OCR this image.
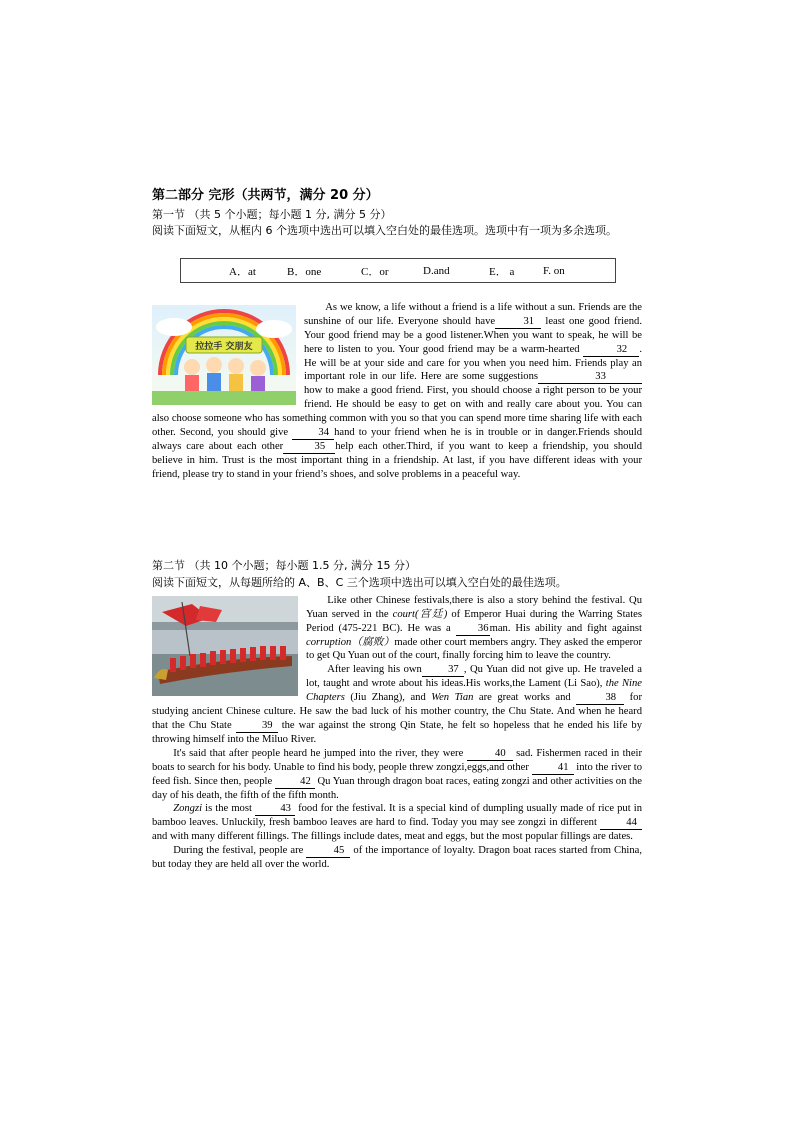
第二部分 完形（共两节，满分 20 分）
第一节 （共 5 个小题；每小题 1 分, 满分 5 分）
阅读下面短文，从框内 6 个选项中选出可以填入空白处的最佳选项。选项中有一项为多余选项。
A．at	B．one	C．or	D.and	E． a	F. on
拉拉手 交朋友

As we know, a life without a friend is a life without a sun. Friends are the sunshine of our life. Everyone should have	31 least one good friend. Your good friend may be a good listener.When you want to speak, he will be here to listen to you. Your good friend may be a warm-hearted	32 . He will be at your side and care for you when you need him. Friends play an important role in our life. Here are some suggestions	33how to make a good friend. First, you should choose a right person to be your friend. He should be easy to get on with and really care about you. You can also choose someone who has something common with you so that you can spend more time sharing life with each other. Second, you should give	34 hand to your friend when he is in trouble or in danger.Friends should always care about each other	35 help each other.Third, if you want to keep a friendship, you should believe in him. Trust is the most important thing in a friendship. At last, if you have different ideas with your friend, please try to stand in your friend’s shoes, and solve problems in a peaceful way.

第二节 （共 10 个小题；每小题 1.5 分, 满分 15 分）
阅读下面短文，从每题所给的 A、B、C 三个选项中选出可以填入空白处的最佳选项。

Like other Chinese festivals,there is also a story behind the festival. Qu Yuan served in the court(宫廷) of Emperor Huai during the Warring States Period (475-221 BC). He was a 36man. His ability and fight against corruption（腐败）made other court members angry. They asked the emperor to get Qu Yuan out of the court, finally forcing him to leave the country.

After leaving his own 37 , Qu Yuan did not give up. He traveled a lot, taught and wrote about his ideas.His works,the Lament (Li Sao), the Nine Chapters (Jiu Zhang), and Wen Tian are great works and	38 for studying ancient Chinese culture. He saw the bad luck of his mother country, the Chu State. And when he heard that the Chu State 39 the war against the strong Qin State, he felt so hopeless that he ended his life by throwing himself into the Miluo River.

It's said that after people heard he jumped into the river, they were	40 sad. Fishermen raced in their boats to search for his body. Unable to find his body, people threw zongzi,eggs,and other 41 into the river to feed fish. Since then, people 42 Qu Yuan through dragon boat races, eating zongzi and other activities on the day of his death, the fifth of the fifth month.

Zongzi is the most 43 food for the festival. It is a special kind of dumpling usually made of rice put in bamboo leaves. Unluckily, fresh bamboo leaves are hard to find. Today you may see zongzi in different 44 and with many different fillings. The fillings include dates, meat and eggs, but the most popular fillings are dates.

During the festival, people are	45 of the importance of loyalty. Dragon boat races started from China, but today they are held all over the world.
